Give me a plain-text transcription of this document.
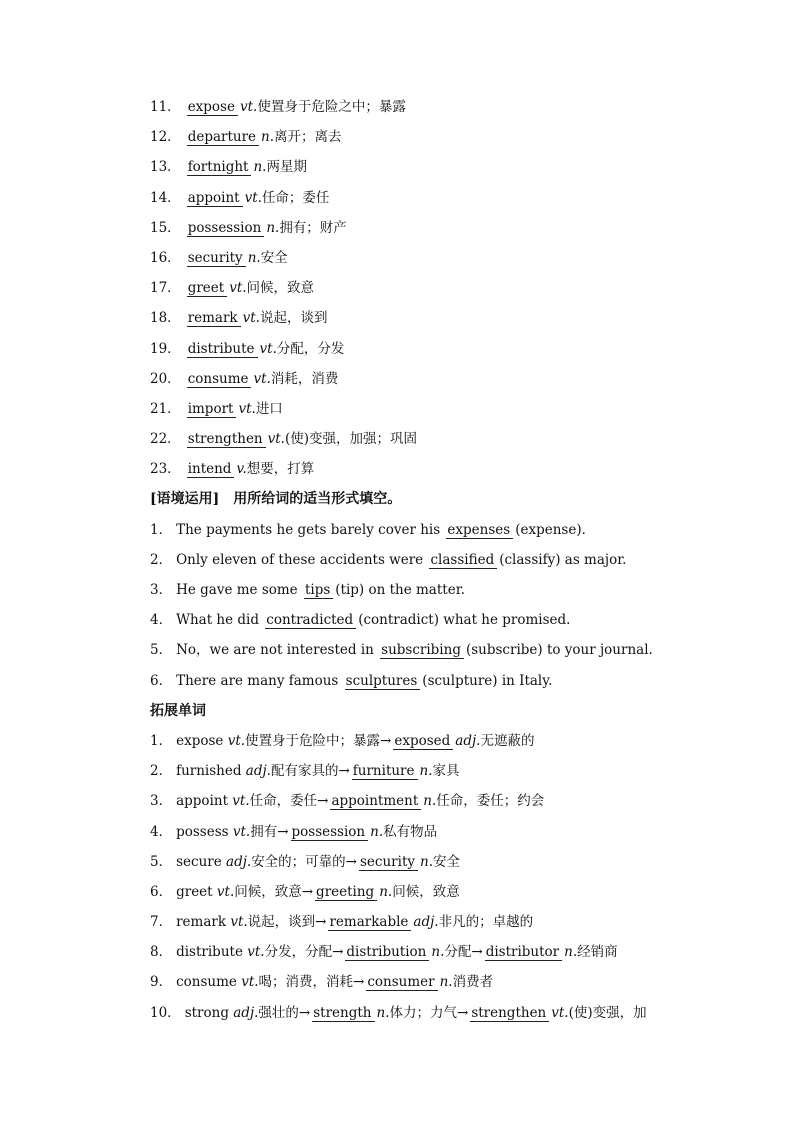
11． expose vt.使置身于危险之中；暴露
12． departure n.离开；离去
13． fortnight n.两星期
14． appoint vt.任命；委任
15． possession n.拥有；财产
16． security n.安全
17． greet vt.问候，致意
18． remark vt.说起，谈到
19． distribute vt.分配，分发
20． consume vt.消耗，消费
21． import vt.进口
22． strengthen vt.(使)变强，加强；巩固
23． intend v.想要，打算
[语境运用]　用所给词的适当形式填空。
1． The payments he gets barely cover his expenses (expense)．
2． Only eleven of these accidents were classified (classify) as major.
3． He gave me some tips (tip) on the matter.
4． What he did contradicted (contradict) what he promised.
5． No，we are not interested in subscribing (subscribe) to your journal.
6． There are many famous sculptures (sculpture) in Italy.
拓展单词
1． expose vt.使置身于危险中；暴露→ exposed adj.无遮蔽的
2． furnished adj.配有家具的→ furniture n.家具
3． appoint vt.任命，委任→ appointment n.任命，委任；约会
4． possess vt.拥有→ possession n.私有物品
5． secure adj.安全的；可靠的→ security n.安全
6． greet vt.问候，致意→ greeting n.问候，致意
7． remark vt.说起，谈到→ remarkable adj.非凡的；卓越的
8． distribute vt.分发，分配→ distribution n.分配→ distributor n.经销商
9． consume vt.喝；消费，消耗→ consumer n.消费者
10． strong adj.强壮的→ strength n.体力；力气→ strengthen vt.(使)变强，加
